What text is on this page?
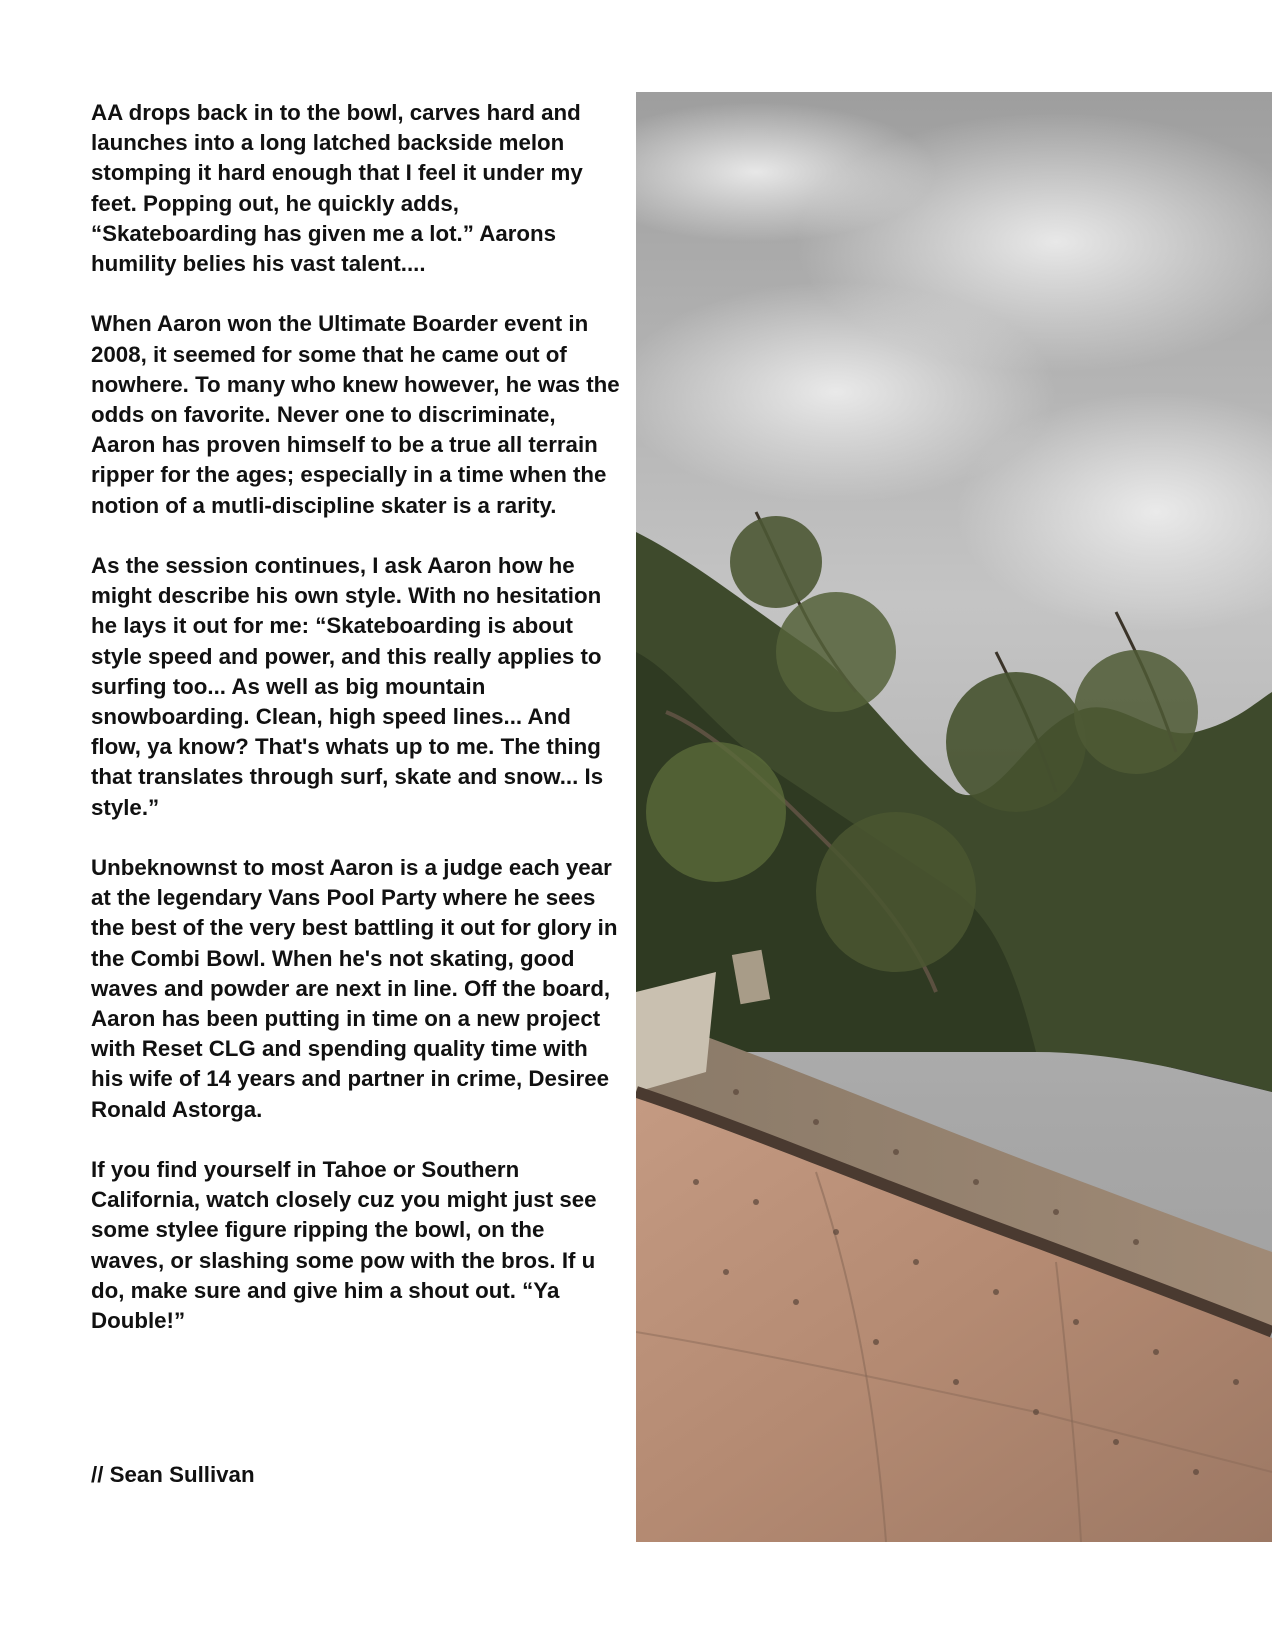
AA drops back in to the bowl, carves hard and launches into a long latched backside melon stomping it hard enough that I feel it under my feet. Popping out, he quickly adds, “Skateboarding has given me a lot.” Aarons humility belies his vast talent....

When Aaron won the Ultimate Boarder event in 2008, it seemed for some that he came out of nowhere. To many who knew however, he was the odds on favorite. Never one to discriminate, Aaron has proven himself to be a true all terrain ripper for the ages; especially in a time when the notion of a mutli-discipline skater is a rarity.

As the session continues, I ask Aaron how he might describe his own style. With no hesitation he lays it out for me: “Skateboarding is about style speed and power, and this really applies to surfing too... As well as big mountain snowboarding. Clean, high speed lines... And flow, ya know? That's whats up to me. The thing that translates through surf, skate and snow... Is style.”

Unbeknownst to most Aaron is a judge each year at the legendary Vans Pool Party where he sees the best of the very best battling it out for glory in the Combi Bowl. When he's not skating, good waves and powder are next in line. Off the board, Aaron has been putting in time on a new project with Reset CLG and spending quality time with his wife of 14 years and partner in crime, Desiree Ronald Astorga.

If you find yourself in Tahoe or Southern California, watch closely cuz you might just see some stylee figure ripping the bowl, on the waves, or slashing some pow with the bros. If u do, make sure and give him a shout out. “Ya Double!”

// Sean Sullivan
